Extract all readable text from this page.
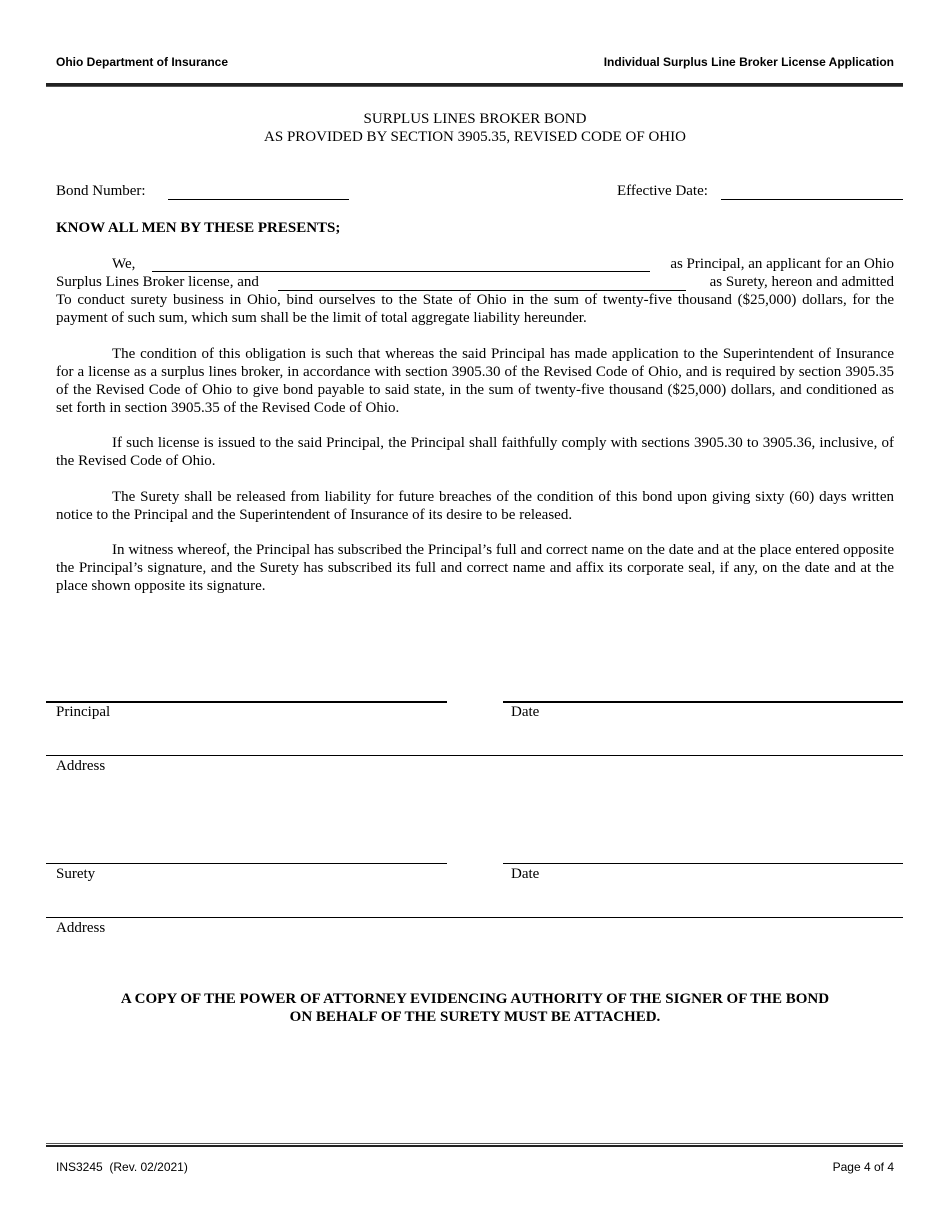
Ohio Department of Insurance	Individual Surplus Line Broker License Application
SURPLUS LINES BROKER BOND
AS PROVIDED BY SECTION 3905.35, REVISED CODE OF OHIO
Bond Number:	Effective Date:
KNOW ALL MEN BY THESE PRESENTS;
We,	as Principal, an applicant for an Ohio
Surplus Lines Broker license, and	as Surety, hereon and admitted
To conduct surety business in Ohio, bind ourselves to the State of Ohio in the sum of twenty-five thousand ($25,000) dollars, for the payment of such sum, which sum shall be the limit of total aggregate liability hereunder.
The condition of this obligation is such that whereas the said Principal has made application to the Superintendent of Insurance for a license as a surplus lines broker, in accordance with section 3905.30 of the Revised Code of Ohio, and is required by section 3905.35 of the Revised Code of Ohio to give bond payable to said state, in the sum of twenty-five thousand ($25,000) dollars, and conditioned as set forth in section 3905.35 of the Revised Code of Ohio.
If such license is issued to the said Principal, the Principal shall faithfully comply with sections 3905.30 to 3905.36, inclusive, of the Revised Code of Ohio.
The Surety shall be released from liability for future breaches of the condition of this bond upon giving sixty (60) days written notice to the Principal and the Superintendent of Insurance of its desire to be released.
In witness whereof, the Principal has subscribed the Principal’s full and correct name on the date and at the place entered opposite the Principal’s signature, and the Surety has subscribed its full and correct name and affix its corporate seal, if any, on the date and at the place shown opposite its signature.
Principal	Date
Address
Surety	Date
Address
A COPY OF THE POWER OF ATTORNEY EVIDENCING AUTHORITY OF THE SIGNER OF THE BOND
ON BEHALF OF THE SURETY MUST BE ATTACHED.
INS3245  (Rev. 02/2021)	Page 4 of 4
